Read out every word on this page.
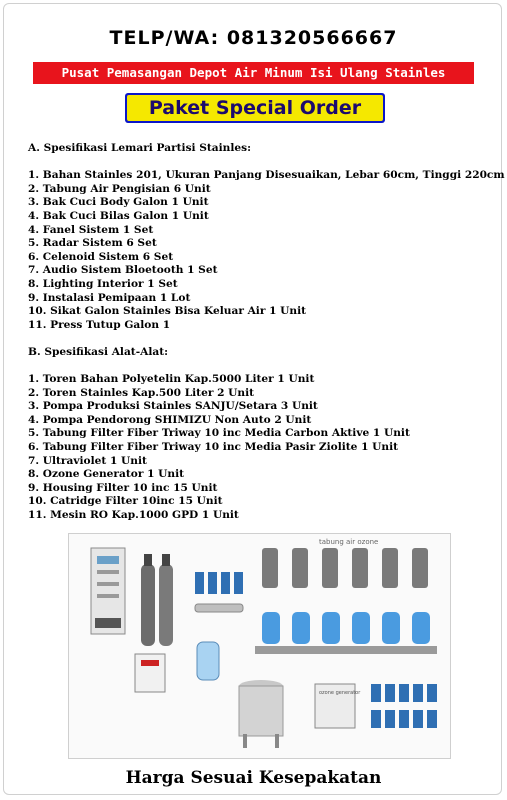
TELP/WA: 081320566667
Pusat Pemasangan Depot Air Minum Isi Ulang Stainles
Paket Special Order
A. Spesifikasi Lemari Partisi Stainles:
1. Bahan Stainles 201, Ukuran Panjang Disesuaikan, Lebar 60cm, Tinggi 220cm
2. Tabung Air Pengisian 6 Unit
3. Bak Cuci Body Galon 1 Unit
4. Bak Cuci Bilas Galon 1 Unit
4. Fanel Sistem 1 Set
5. Radar Sistem 6 Set
6. Celenoid Sistem 6 Set
7. Audio Sistem Bloetooth 1 Set
8. Lighting Interior 1 Set
9. Instalasi Pemipaan 1 Lot
10. Sikat Galon Stainles Bisa Keluar Air 1 Unit
11. Press Tutup Galon 1
B. Spesifikasi Alat-Alat:
1. Toren Bahan Polyetelin Kap.5000 Liter 1 Unit
2. Toren Stainles Kap.500 Liter 2 Unit
3. Pompa Produksi Stainles SANJU/Setara 3 Unit
4. Pompa Pendorong SHIMIZU Non Auto 2 Unit
5. Tabung Filter Fiber Triway 10 inc Media Carbon Aktive 1 Unit
6. Tabung Filter Fiber Triway 10 inc Media Pasir Ziolite 1 Unit
7. Ultraviolet 1 Unit
8. Ozone Generator 1 Unit
9. Housing Filter 10 inc 15 Unit
10. Catridge Filter 10inc 15 Unit
11. Mesin RO Kap.1000 GPD 1 Unit
tabung air ozone
ozone generator
Harga Sesuai Kesepakatan
